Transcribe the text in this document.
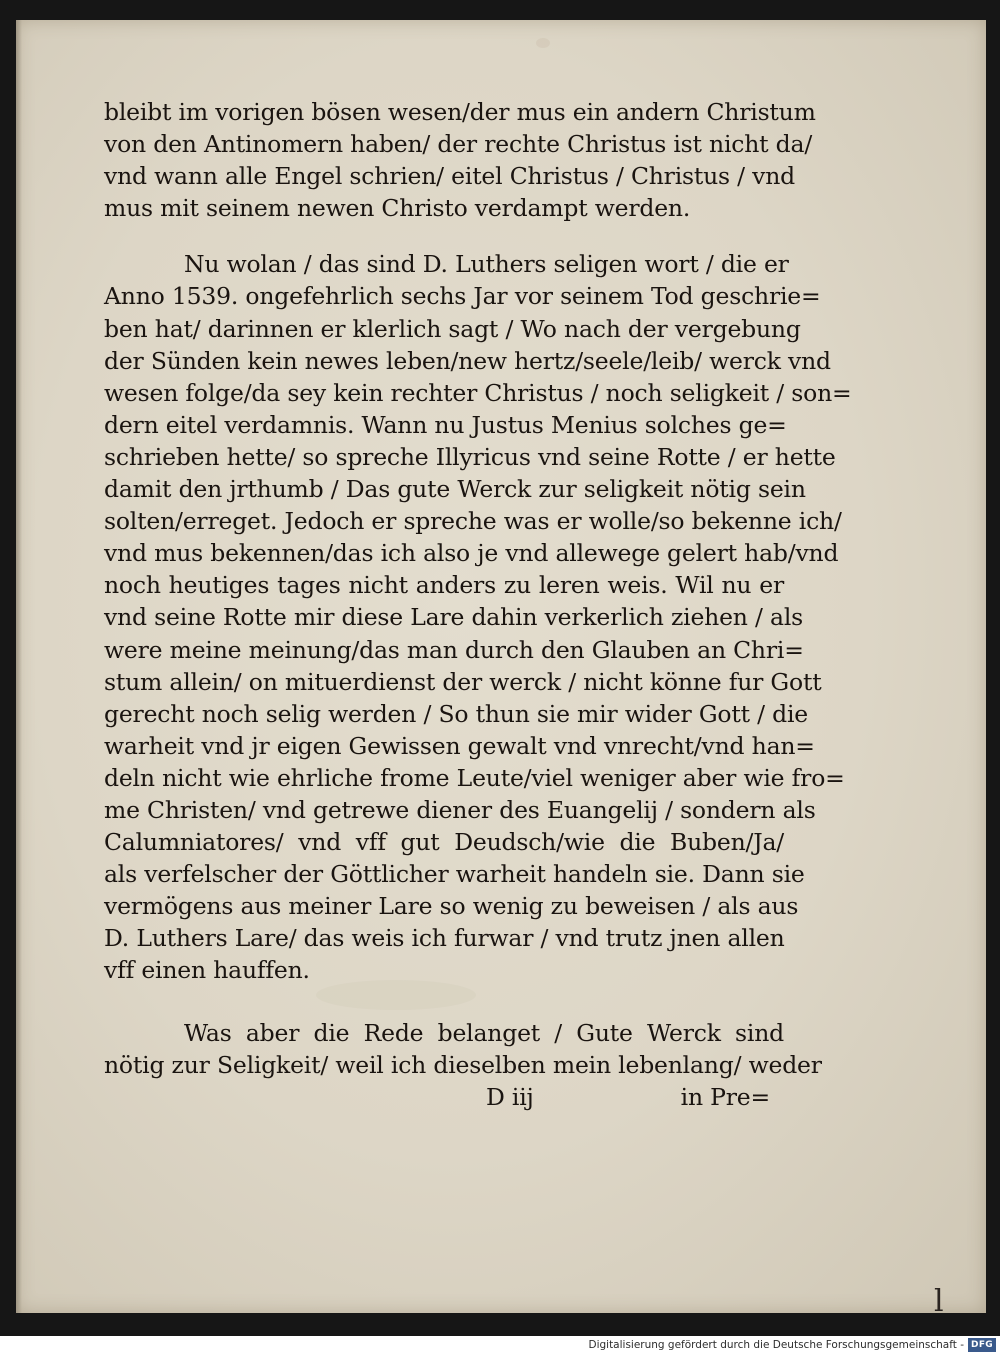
bleibt im vorigen bösen wesen/der mus ein andern Christum
von den Antinomern haben/ der rechte Christus ist nicht da/
vnd wann alle Engel schrien/ eitel Christus / Christus / vnd
mus mit seinem newen Christo verdampt werden.
Nu wolan / das sind D. Luthers seligen wort / die er
Anno 1539. ongefehrlich sechs Jar vor seinem Tod geschrie=
ben hat/ darinnen er klerlich sagt / Wo nach der vergebung
der Sünden kein newes leben/new hertz/seele/leib/ werck vnd
wesen folge/da sey kein rechter Christus / noch seligkeit / son=
dern eitel verdamnis. Wann nu Justus Menius solches ge=
schrieben hette/ so spreche Illyricus vnd seine Rotte / er hette
damit den jrthumb / Das gute Werck zur seligkeit nötig sein
solten/erreget. Jedoch er spreche was er wolle/so bekenne ich/
vnd mus bekennen/das ich also je vnd allewege gelert hab/vnd
noch heutiges tages nicht anders zu leren weis. Wil nu er
vnd seine Rotte mir diese Lare dahin verkerlich ziehen / als
were meine meinung/das man durch den Glauben an Chri=
stum allein/ on mituerdienst der werck / nicht könne fur Gott
gerecht noch selig werden / So thun sie mir wider Gott / die
warheit vnd jr eigen Gewissen gewalt vnd vnrecht/vnd han=
deln nicht wie ehrliche frome Leute/viel weniger aber wie fro=
me Christen/ vnd getrewe diener des Euangelij / sondern als
Calumniatores/ vnd vff gut Deudsch/wie die Buben/Ja/
als verfelscher der Göttlicher warheit handeln sie. Dann sie
vermögens aus meiner Lare so wenig zu beweisen / als aus
D. Luthers Lare/ das weis ich furwar / vnd trutz jnen allen
vff einen hauffen.
Was aber die Rede belanget / Gute Werck sind
nötig zur Seligkeit/ weil ich dieselben mein lebenlang/ weder
D iij	in Pre=
l
Digitalisierung gefördert durch die Deutsche Forschungsgemeinschaft - DFG
